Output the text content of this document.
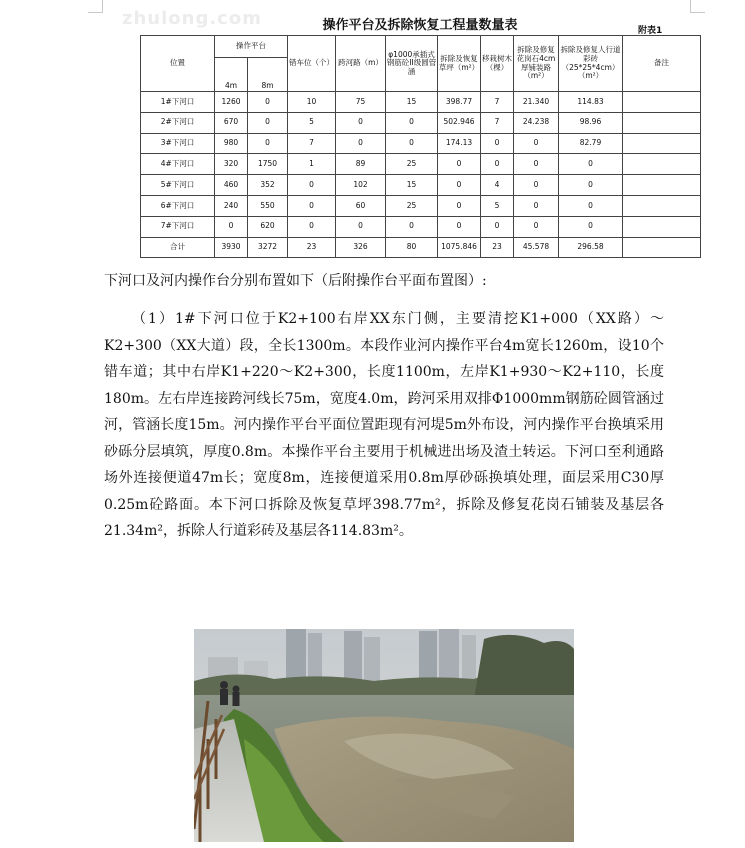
zhulong.com	操作平台及拆除恢复工程量数量表	附表1
位置	操作平台		错车位（个）	跨河路（m）	φ1000承插式钢筋砼II级圆管涵	拆除及恢复草坪（m²）	移栽树木（棵）	拆除及修复花岗石4cm厚铺装路（m²）	拆除及修复人行道彩砖（25*25*4cm）（m²）	备注
	4m	8m								
1#下河口	1260	0	10	75	15	398.77	7	21.340	114.83	
2#下河口	670	0	5	0	0	502.946	7	24.238	98.96	
3#下河口	980	0	7	0	0	174.13	0	0	82.79	
4#下河口	320	1750	1	89	25	0	0	0	0	
5#下河口	460	352	0	102	15	0	4	0	0	
6#下河口	240	550	0	60	25	0	5	0	0	
7#下河口	0	620	0	0	0	0	0	0	0	
合计	3930	3272	23	326	80	1075.846	23	45.578	296.58	
下河口及河内操作台分别布置如下（后附操作台平面布置图）:

（1）1#下河口位于K2+100右岸XX东门侧，主要清挖K1+000（XX路）～K2+300（XX大道）段，全长1300m。本段作业河内操作平台4m宽长1260m，设10个错车道；其中右岸K1+220～K2+300，长度1100m，左岸K1+930～K2+110，长度180m。左右岸连接跨河线长75m，宽度4.0m，跨河采用双排Φ1000mm钢筋砼圆管涵过河，管涵长度15m。河内操作平台平面位置距现有河堤5m外布设，河内操作平台换填采用砂砾分层填筑，厚度0.8m。本操作平台主要用于机械进出场及渣土转运。下河口至利通路场外连接便道47m长；宽度8m，连接便道采用0.8m厚砂砾换填处理，面层采用C30厚0.25m砼路面。本下河口拆除及恢复草坪398.77m²，拆除及修复花岗石铺装及基层各21.34m²，拆除人行道彩砖及基层各114.83m²。
